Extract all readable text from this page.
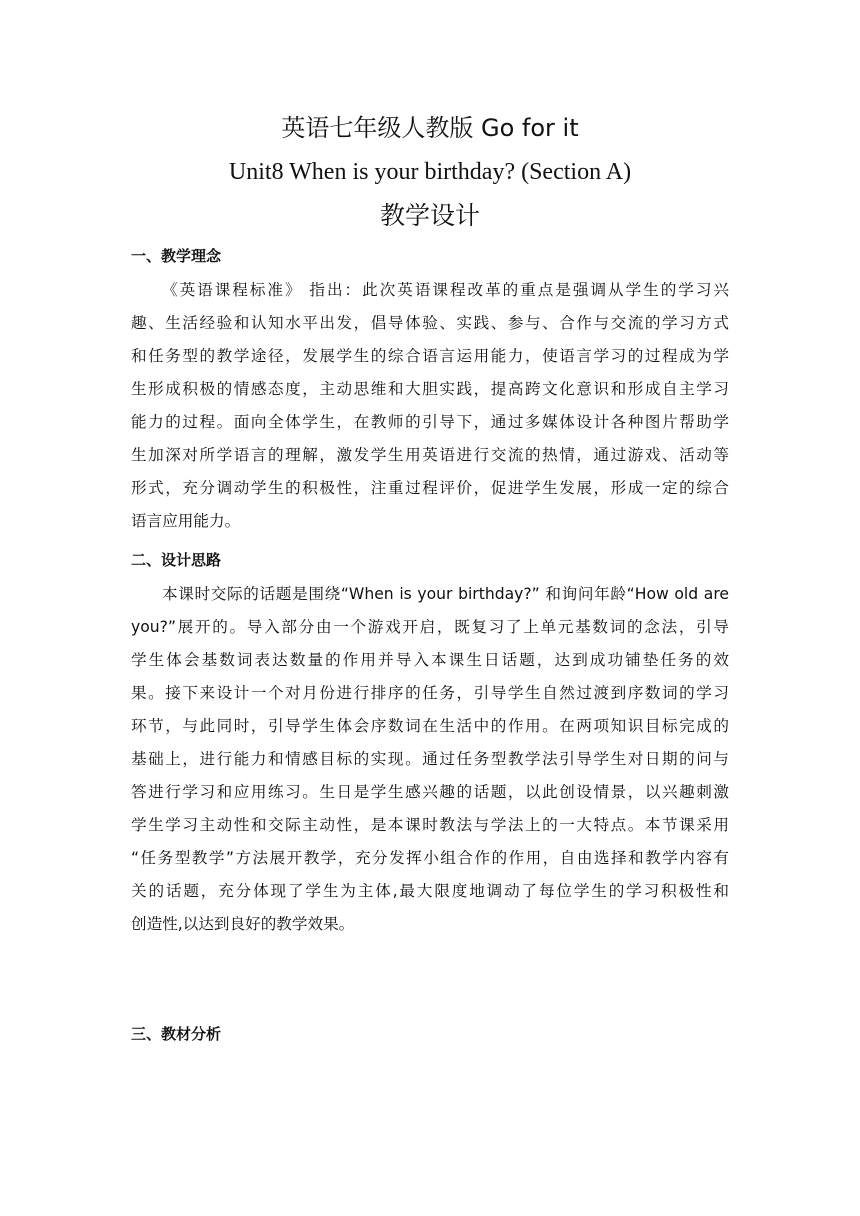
英语七年级人教版 Go for it
Unit8 When is your birthday? (Section A)
教学设计
一、教学理念
《英语课程标准》 指出：此次英语课程改革的重点是强调从学生的学习兴
趣、生活经验和认知水平出发，倡导体验、实践、参与、合作与交流的学习方式
和任务型的教学途径，发展学生的综合语言运用能力，使语言学习的过程成为学
生形成积极的情感态度，主动思维和大胆实践，提高跨文化意识和形成自主学习
能力的过程。面向全体学生，在教师的引导下，通过多媒体设计各种图片帮助学
生加深对所学语言的理解，激发学生用英语进行交流的热情，通过游戏、活动等
形式，充分调动学生的积极性，注重过程评价，促进学生发展，形成一定的综合
语言应用能力。
二、设计思路
本课时交际的话题是围绕“When is your birthday?” 和询问年龄“How old are
you?”展开的。导入部分由一个游戏开启，既复习了上单元基数词的念法，引导
学生体会基数词表达数量的作用并导入本课生日话题，达到成功铺垫任务的效
果。接下来设计一个对月份进行排序的任务，引导学生自然过渡到序数词的学习
环节，与此同时，引导学生体会序数词在生活中的作用。在两项知识目标完成的
基础上，进行能力和情感目标的实现。通过任务型教学法引导学生对日期的问与
答进行学习和应用练习。生日是学生感兴趣的话题，以此创设情景，以兴趣刺激
学生学习主动性和交际主动性，是本课时教法与学法上的一大特点。本节课采用
“任务型教学”方法展开教学，充分发挥小组合作的作用，自由选择和教学内容有
关的话题，充分体现了学生为主体,最大限度地调动了每位学生的学习积极性和
创造性,以达到良好的教学效果。
三、教材分析
